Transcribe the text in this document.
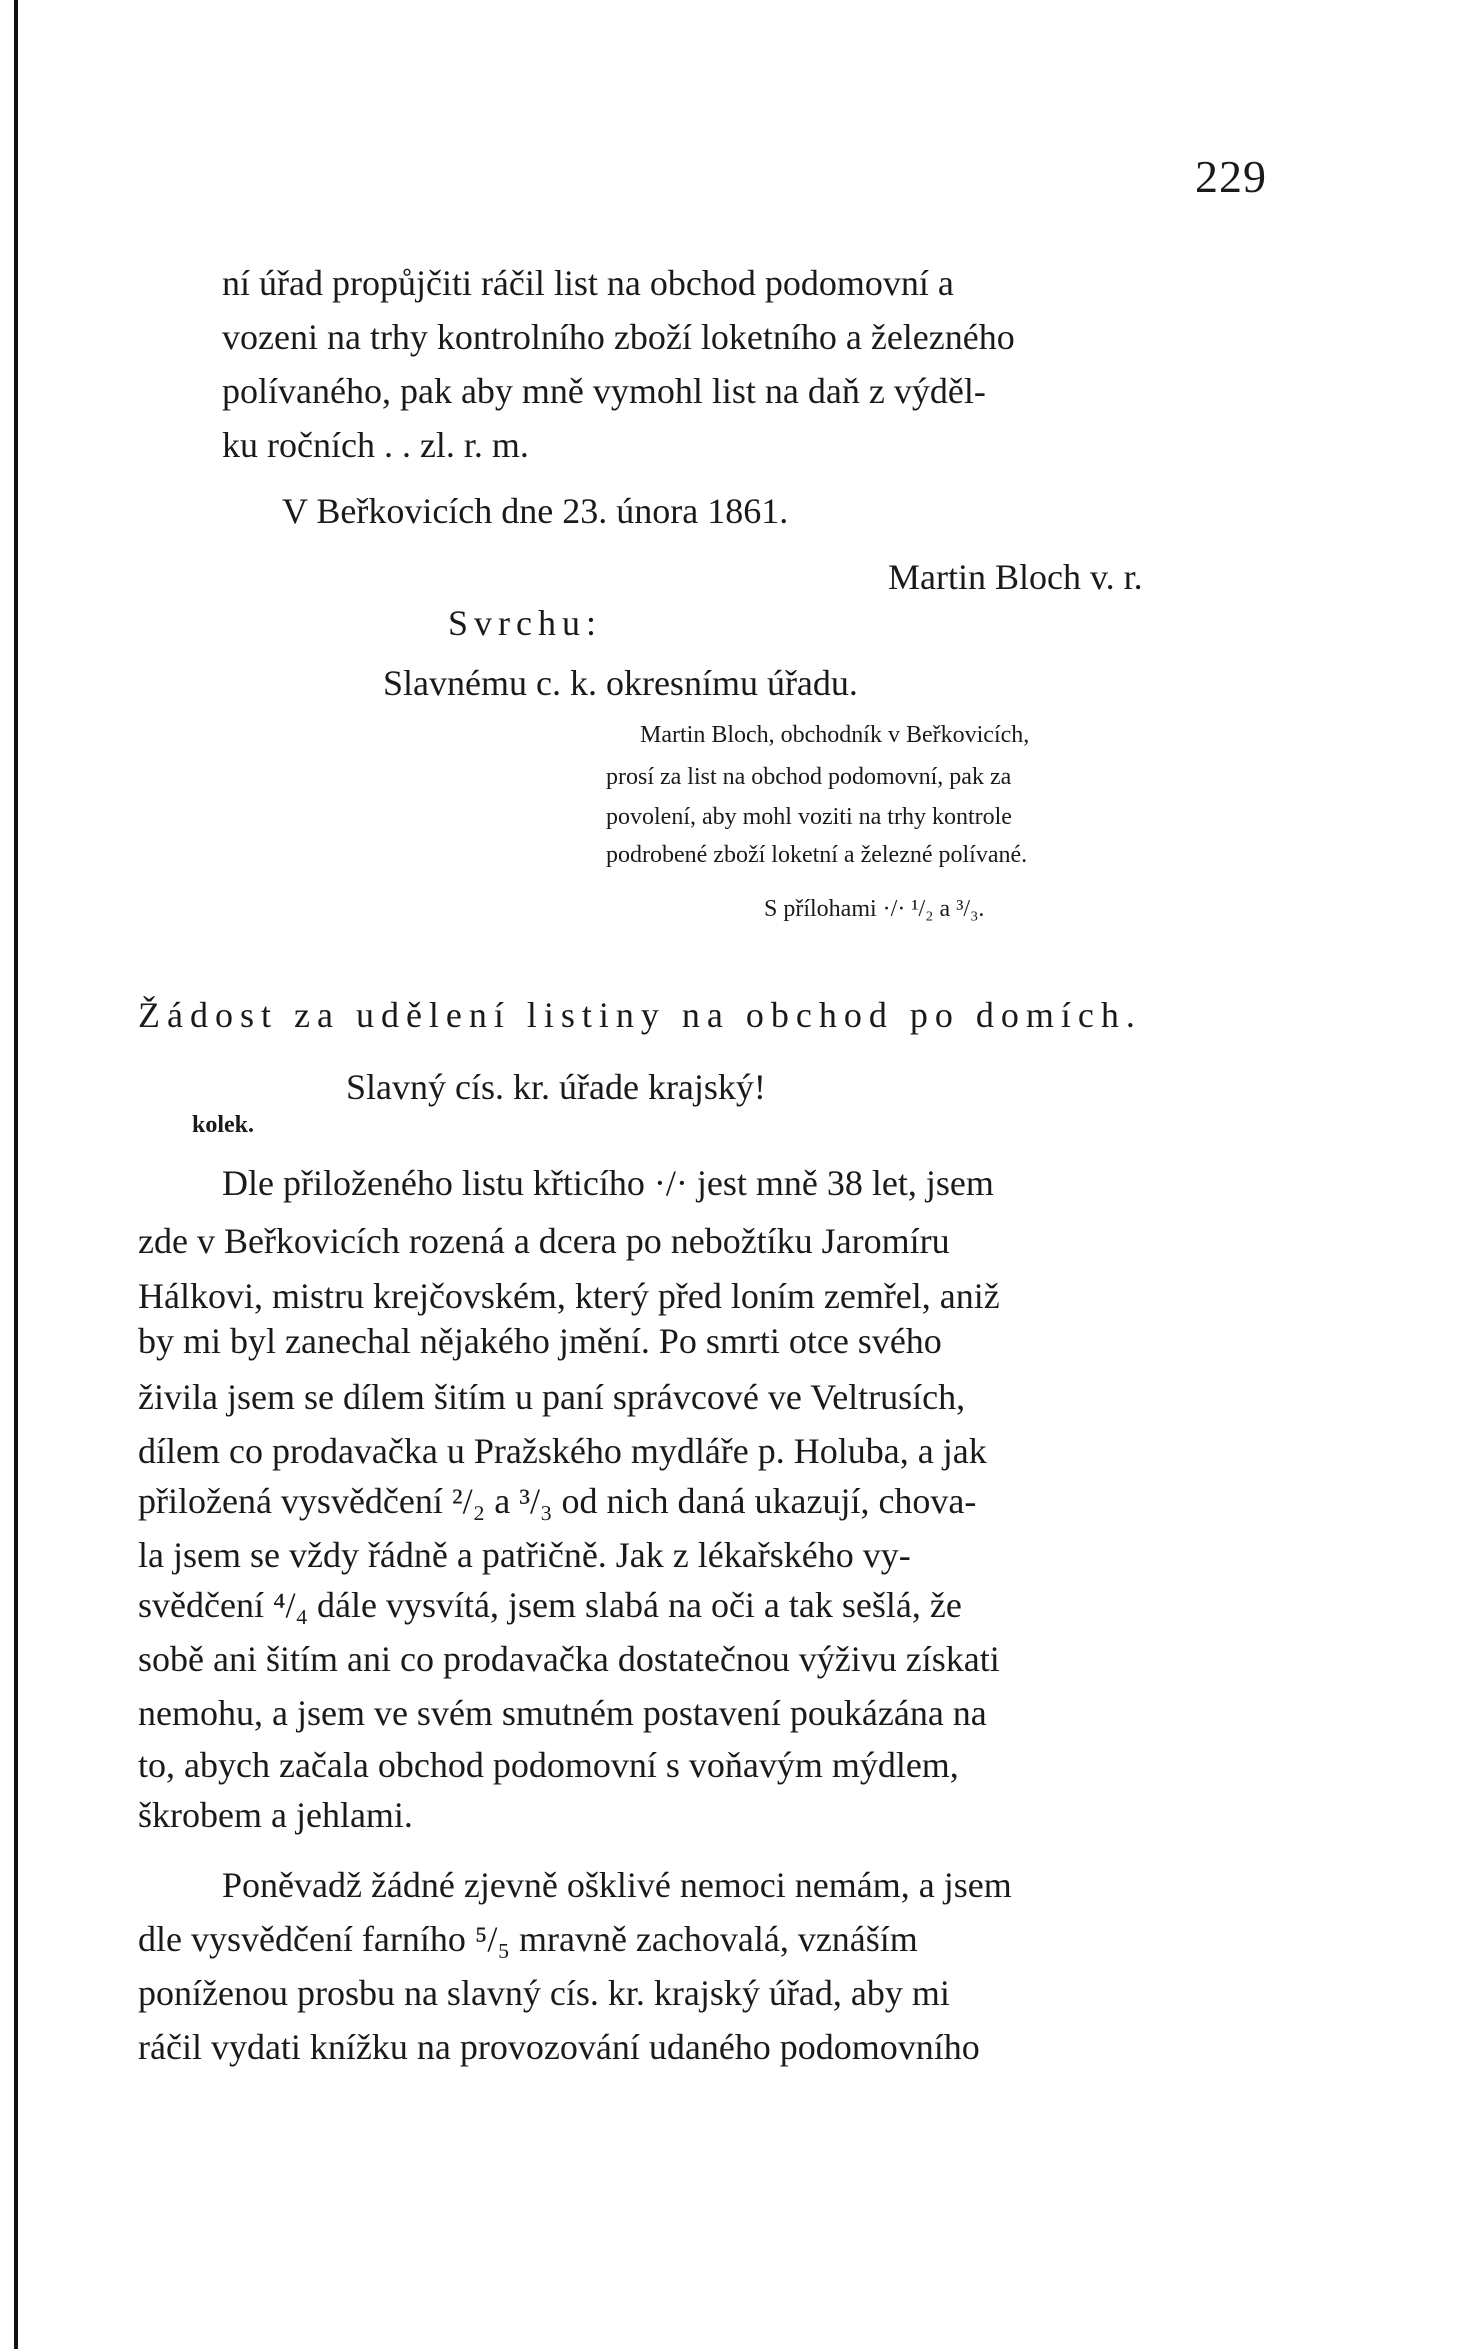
229
ní úřad propůjčiti ráčil list na obchod podomovní a
vozeni na trhy kontrolního zboží loketního a železného
polívaného, pak aby mně vymohl list na daň z výděl-
ku ročních . . zl. r. m.
V Beřkovicích dne 23. února 1861.
Martin Bloch v. r.
Svrchu:
Slavnému c. k. okresnímu úřadu.
Martin Bloch, obchodník v Beřkovicích,
prosí za list na obchod podomovní, pak za
povolení, aby mohl voziti na trhy kontrole
podrobené zboží loketní a železné polívané.
S přílohami ·/· ¹/₂ a ³/₃.
Žádost za udělení listiny na obchod po domích.
Slavný cís. kr. úřade krajský!
kolek.
Dle přiloženého listu křticího ·/· jest mně 38 let, jsem
zde v Beřkovicích rozená a dcera po nebožtíku Jaromíru
Hálkovi, mistru krejčovském, který před loním zemřel, aniž
by mi byl zanechal nějakého jmění. Po smrti otce svého
živila jsem se dílem šitím u paní správcové ve Veltrusích,
dílem co prodavačka u Pražského mydláře p. Holuba, a jak
přiložená vysvědčení ²/₂ a ³/₃ od nich daná ukazují, chova-
la jsem se vždy řádně a patřičně. Jak z lékařského vy-
svědčení ⁴/₄ dále vysvítá, jsem slabá na oči a tak sešlá, že
sobě ani šitím ani co prodavačka dostatečnou výživu získati
nemohu, a jsem ve svém smutném postavení poukázána na
to, abych začala obchod podomovní s voňavým mýdlem,
škrobem a jehlami.
Poněvadž žádné zjevně ošklivé nemoci nemám, a jsem
dle vysvědčení farního ⁵/₅ mravně zachovalá, vznáším
poníženou prosbu na slavný cís. kr. krajský úřad, aby mi
ráčil vydati knížku na provozování udaného podomovního
